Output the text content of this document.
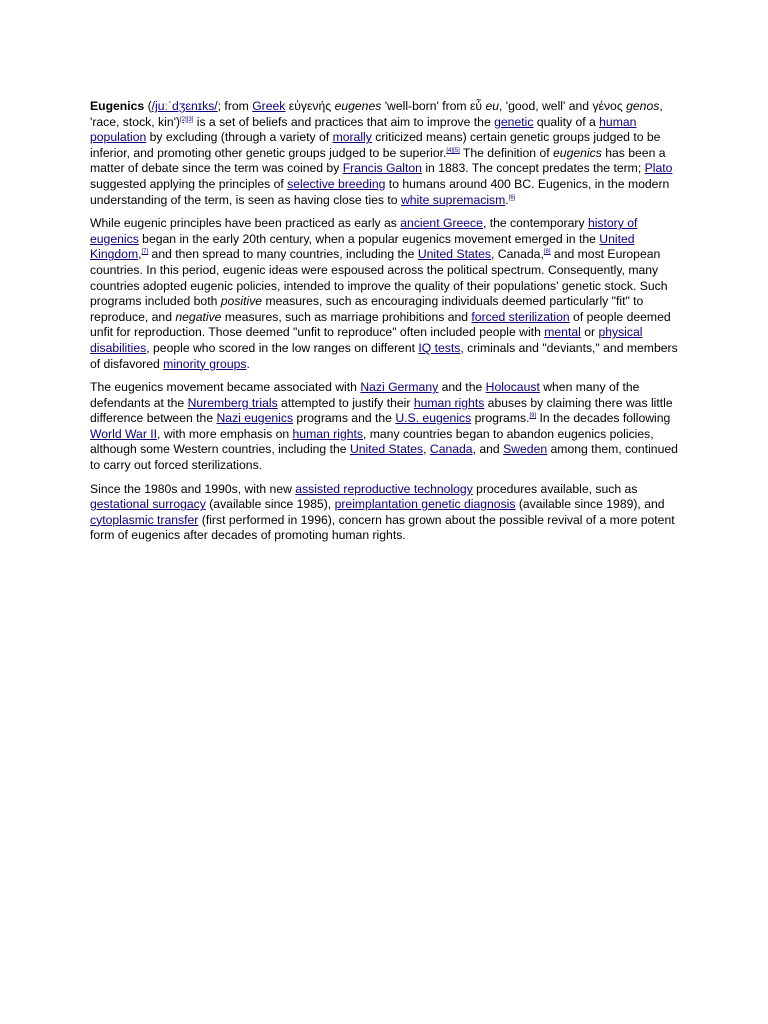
Eugenics (/juːˈdʒɛnɪks/; from Greek εὐγενής eugenes 'well-born' from εὖ eu, 'good, well' and γένος genos, 'race, stock, kin')[2][3] is a set of beliefs and practices that aim to improve the genetic quality of a human population by excluding (through a variety of morally criticized means) certain genetic groups judged to be inferior, and promoting other genetic groups judged to be superior.[4][5] The definition of eugenics has been a matter of debate since the term was coined by Francis Galton in 1883. The concept predates the term; Plato suggested applying the principles of selective breeding to humans around 400 BC. Eugenics, in the modern understanding of the term, is seen as having close ties to white supremacism.[6]

While eugenic principles have been practiced as early as ancient Greece, the contemporary history of eugenics began in the early 20th century, when a popular eugenics movement emerged in the United Kingdom,[7] and then spread to many countries, including the United States, Canada,[8] and most European countries. In this period, eugenic ideas were espoused across the political spectrum. Consequently, many countries adopted eugenic policies, intended to improve the quality of their populations' genetic stock. Such programs included both positive measures, such as encouraging individuals deemed particularly "fit" to reproduce, and negative measures, such as marriage prohibitions and forced sterilization of people deemed unfit for reproduction. Those deemed "unfit to reproduce" often included people with mental or physical disabilities, people who scored in the low ranges on different IQ tests, criminals and "deviants," and members of disfavored minority groups.

The eugenics movement became associated with Nazi Germany and the Holocaust when many of the defendants at the Nuremberg trials attempted to justify their human rights abuses by claiming there was little difference between the Nazi eugenics programs and the U.S. eugenics programs.[9] In the decades following World War II, with more emphasis on human rights, many countries began to abandon eugenics policies, although some Western countries, including the United States, Canada, and Sweden among them, continued to carry out forced sterilizations.

Since the 1980s and 1990s, with new assisted reproductive technology procedures available, such as gestational surrogacy (available since 1985), preimplantation genetic diagnosis (available since 1989), and cytoplasmic transfer (first performed in 1996), concern has grown about the possible revival of a more potent form of eugenics after decades of promoting human rights.
